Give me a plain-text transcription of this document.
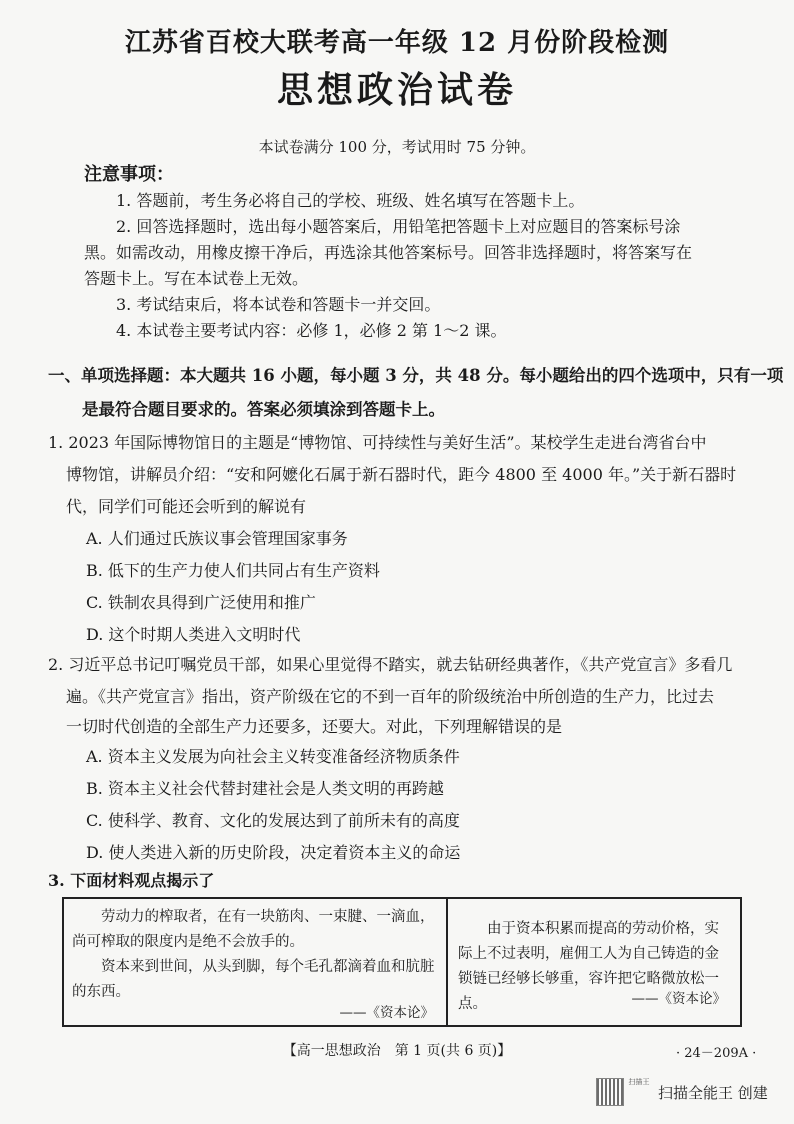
江苏省百校大联考高一年级 12 月份阶段检测
思想政治试卷
本试卷满分 100 分，考试用时 75 分钟。
注意事项：
1. 答题前，考生务必将自己的学校、班级、姓名填写在答题卡上。
2. 回答选择题时，选出每小题答案后，用铅笔把答题卡上对应题目的答案标号涂
黑。如需改动，用橡皮擦干净后，再选涂其他答案标号。回答非选择题时，将答案写在
答题卡上。写在本试卷上无效。
3. 考试结束后，将本试卷和答题卡一并交回。
4. 本试卷主要考试内容：必修 1，必修 2 第 1～2 课。
一、单项选择题：本大题共 16 小题，每小题 3 分，共 48 分。每小题给出的四个选项中，只有一项
是最符合题目要求的。答案必须填涂到答题卡上。
1. 2023 年国际博物馆日的主题是“博物馆、可持续性与美好生活”。某校学生走进台湾省台中
博物馆，讲解员介绍：“安和阿嬷化石属于新石器时代，距今 4800 至 4000 年。”关于新石器时
代，同学们可能还会听到的解说有
A. 人们通过氏族议事会管理国家事务
B. 低下的生产力使人们共同占有生产资料
C. 铁制农具得到广泛使用和推广
D. 这个时期人类进入文明时代
2. 习近平总书记叮嘱党员干部，如果心里觉得不踏实，就去钻研经典著作，《共产党宣言》多看几
遍。《共产党宣言》指出，资产阶级在它的不到一百年的阶级统治中所创造的生产力，比过去
一切时代创造的全部生产力还要多，还要大。对此，下列理解错误的是
A. 资本主义发展为向社会主义转变准备经济物质条件
B. 资本主义社会代替封建社会是人类文明的再跨越
C. 使科学、教育、文化的发展达到了前所未有的高度
D. 使人类进入新的历史阶段，决定着资本主义的命运
3. 下面材料观点揭示了
劳动力的榨取者，在有一块筋肉、一束腱、一滴血，尚可榨取的限度内是绝不会放手的。
资本来到世间，从头到脚，每个毛孔都滴着血和肮脏的东西。
——《资本论》
由于资本积累而提高的劳动价格，实际上不过表明，雇佣工人为自己铸造的金锁链已经够长够重，容许把它略微放松一点。	——《资本论》
【高一思想政治　第 1 页(共 6 页)】	· 24－209A ·
扫描王
扫描全能王 创建
